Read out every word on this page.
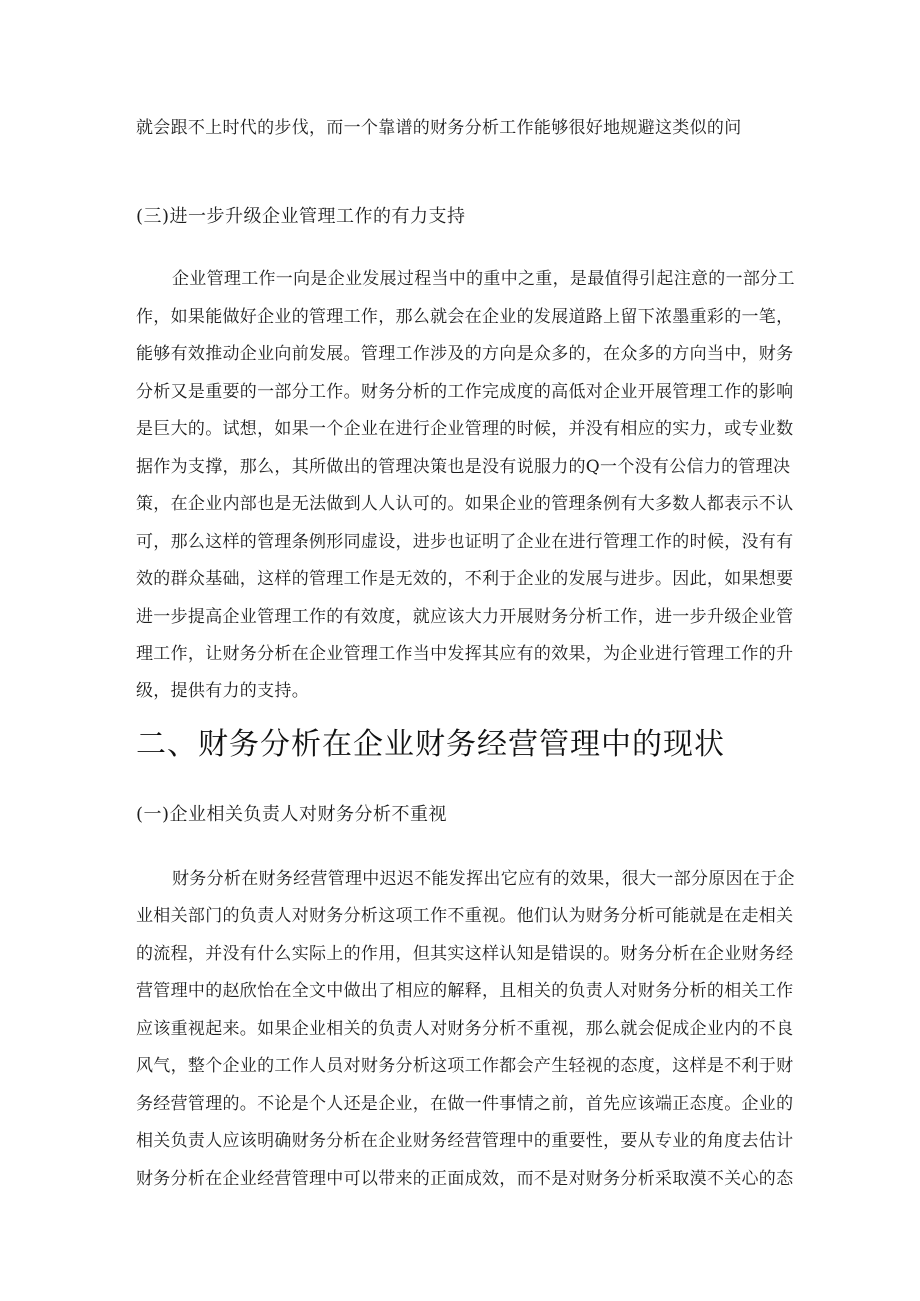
就会跟不上时代的步伐，而一个靠谱的财务分析工作能够很好地规避这类似的问
(三)进一步升级企业管理工作的有力支持
企业管理工作一向是企业发展过程当中的重中之重，是最值得引起注意的一部分工
作，如果能做好企业的管理工作，那么就会在企业的发展道路上留下浓墨重彩的一笔，
能够有效推动企业向前发展。管理工作涉及的方向是众多的，在众多的方向当中，财务
分析又是重要的一部分工作。财务分析的工作完成度的高低对企业开展管理工作的影响
是巨大的。试想，如果一个企业在进行企业管理的时候，并没有相应的实力，或专业数
据作为支撑，那么，其所做出的管理决策也是没有说服力的Q一个没有公信力的管理决
策，在企业内部也是无法做到人人认可的。如果企业的管理条例有大多数人都表示不认
可，那么这样的管理条例形同虚设，进步也证明了企业在进行管理工作的时候，没有有
效的群众基础，这样的管理工作是无效的，不利于企业的发展与进步。因此，如果想要
进一步提高企业管理工作的有效度，就应该大力开展财务分析工作，进一步升级企业管
理工作，让财务分析在企业管理工作当中发挥其应有的效果，为企业进行管理工作的升
级，提供有力的支持。
二、财务分析在企业财务经营管理中的现状
(一)企业相关负责人对财务分析不重视
财务分析在财务经营管理中迟迟不能发挥出它应有的效果，很大一部分原因在于企
业相关部门的负责人对财务分析这项工作不重视。他们认为财务分析可能就是在走相关
的流程，并没有什么实际上的作用，但其实这样认知是错误的。财务分析在企业财务经
营管理中的赵欣怡在全文中做出了相应的解释，且相关的负责人对财务分析的相关工作
应该重视起来。如果企业相关的负责人对财务分析不重视，那么就会促成企业内的不良
风气，整个企业的工作人员对财务分析这项工作都会产生轻视的态度，这样是不利于财
务经营管理的。不论是个人还是企业，在做一件事情之前，首先应该端正态度。企业的
相关负责人应该明确财务分析在企业财务经营管理中的重要性，要从专业的角度去估计
财务分析在企业经营管理中可以带来的正面成效，而不是对财务分析采取漠不关心的态
